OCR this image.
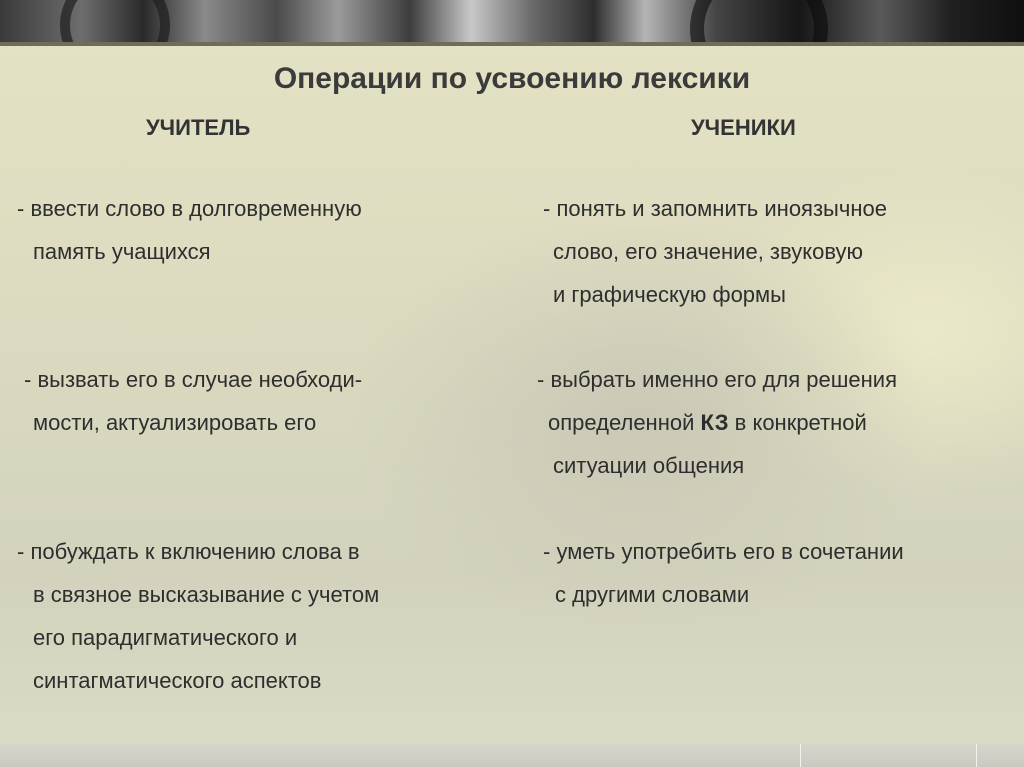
Операции по усвоению лексики
УЧИТЕЛЬ	УЧЕНИКИ
- ввести слово в долговременную
память учащихся
- вызвать его в случае необходи-
мости, актуализировать его
- побуждать к включению слова в
в связное высказывание с учетом
его парадигматического и
синтагматического аспектов
- понять и запомнить иноязычное
слово, его значение, звуковую
и графическую формы
- выбрать именно его для решения
определенной КЗ в конкретной
ситуации общения
- уметь употребить его в сочетании
с другими словами
